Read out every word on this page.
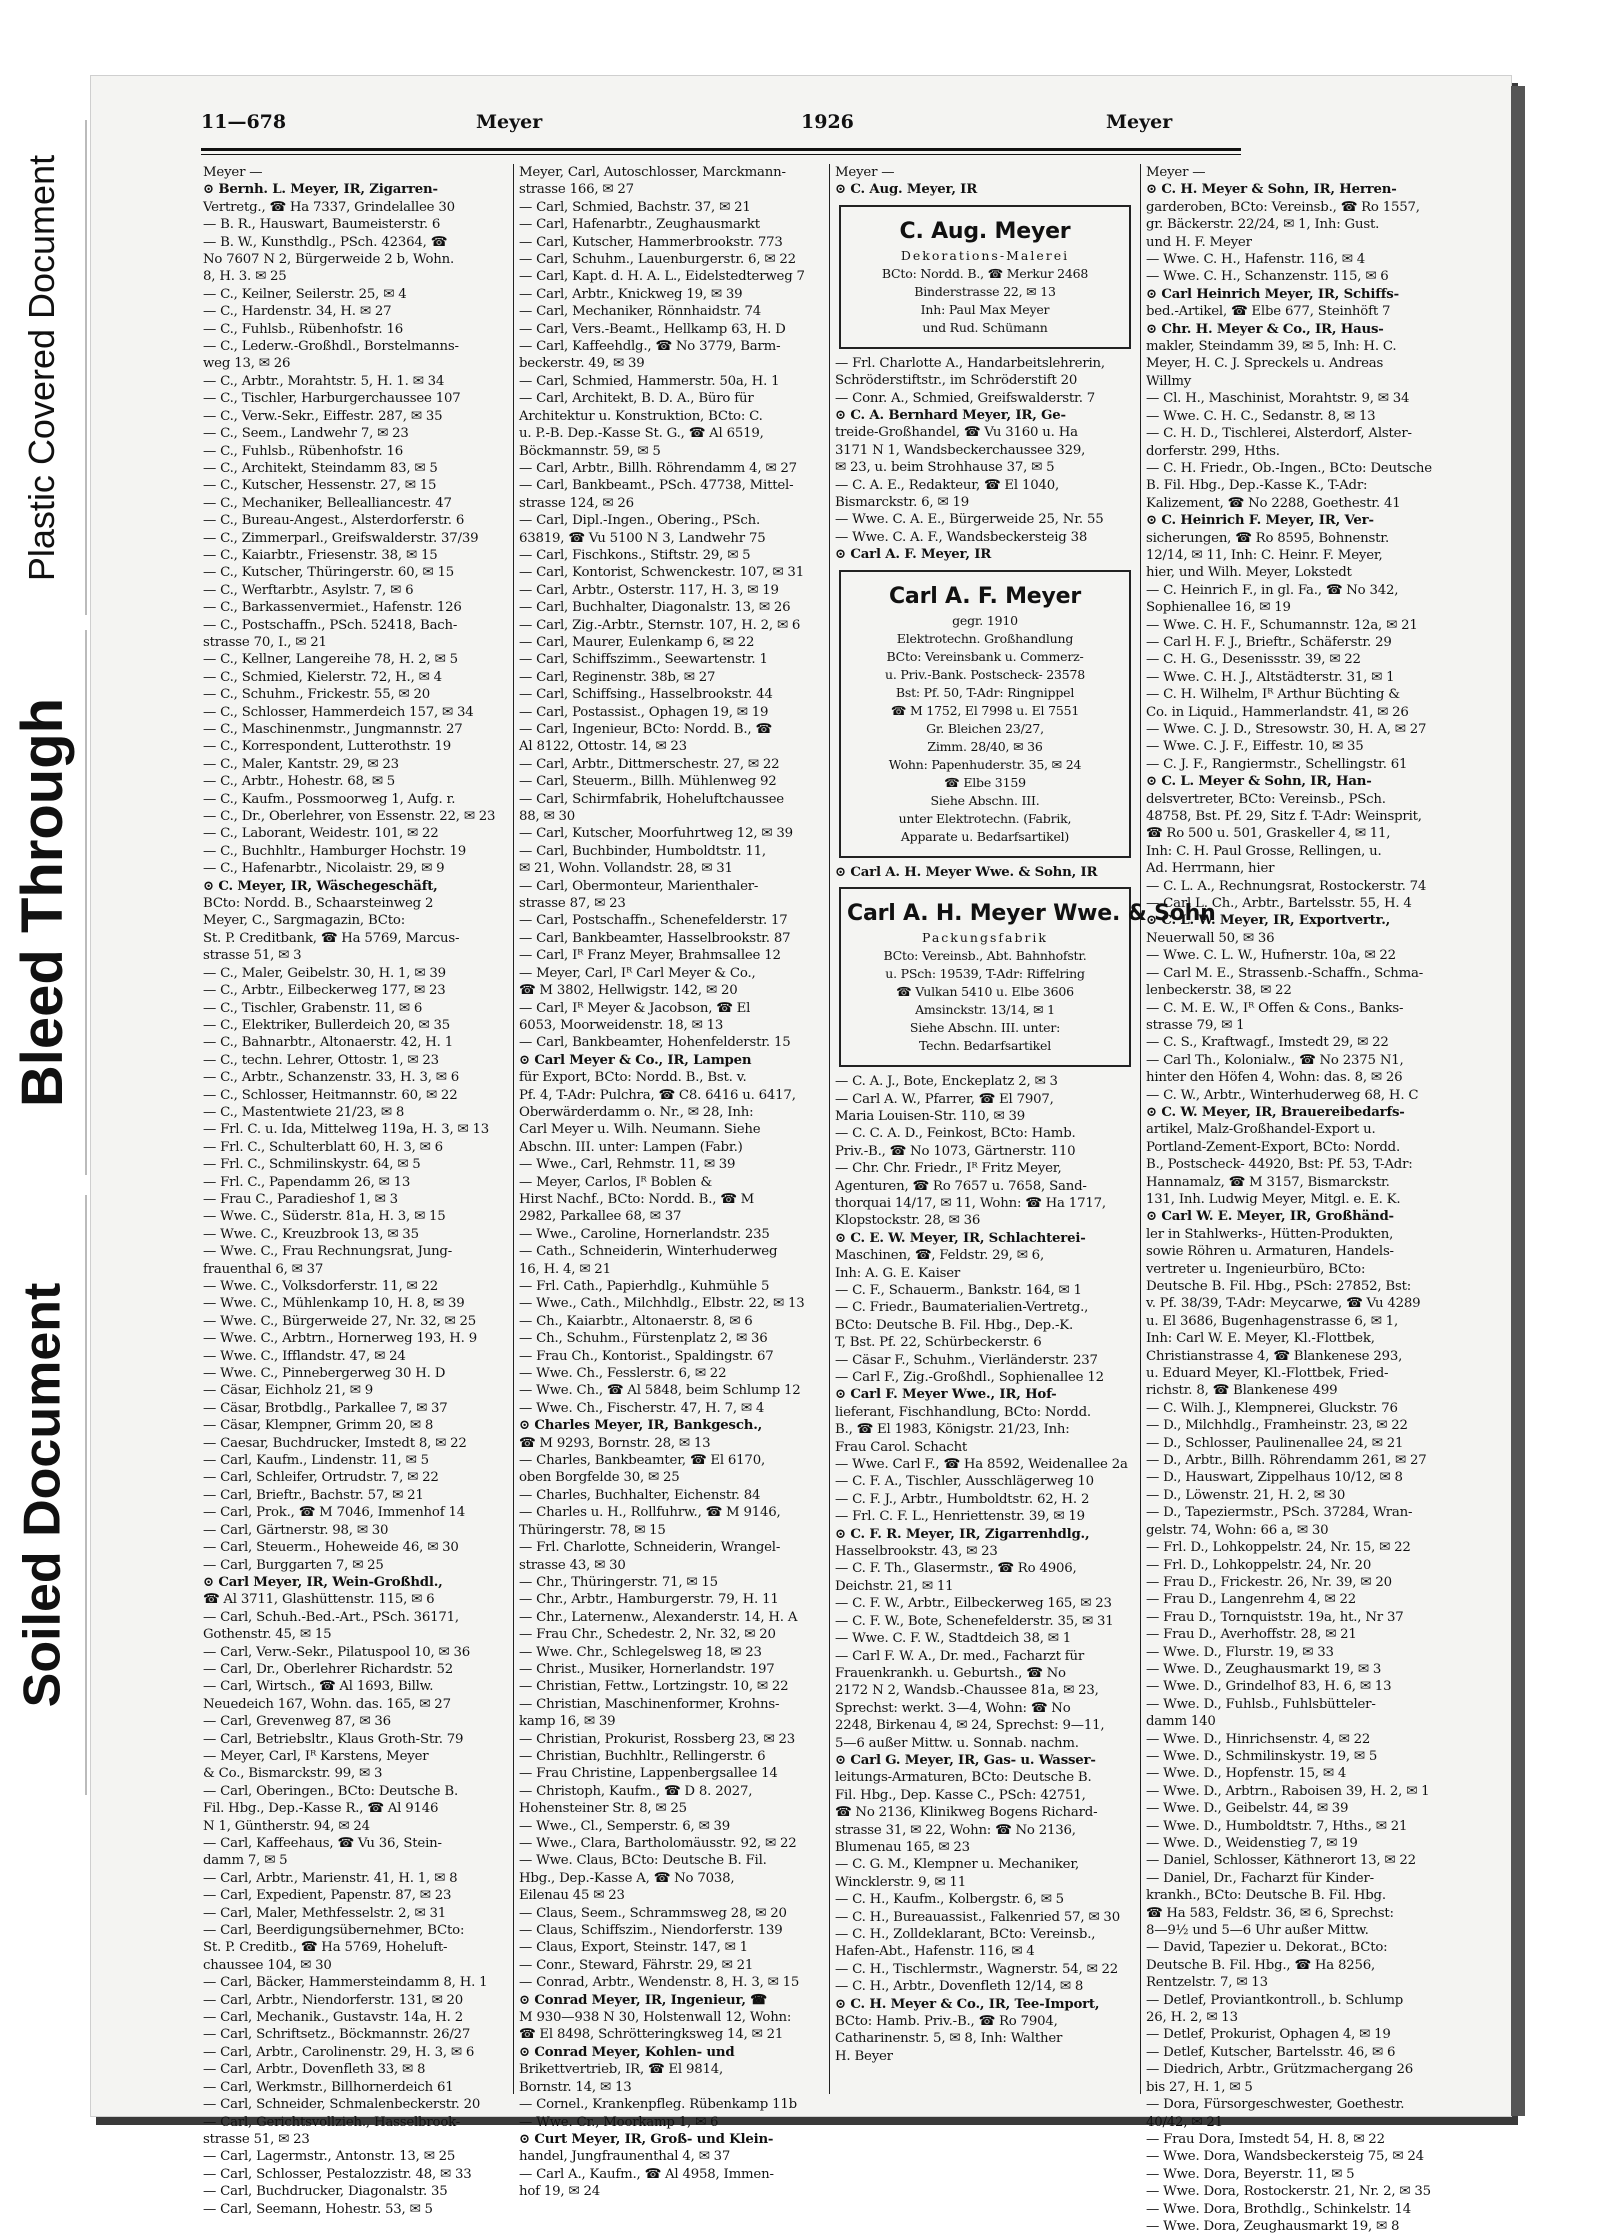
Plastic Covered Document
Bleed Through
Soiled Document
11—678	Meyer	1926	Meyer

Meyer —

⊙ Bernh. L. Meyer, IR, Zigarren-

Vertretg., ☎ Ha 7337, Grindelallee 30

— B. R., Hauswart, Baumeisterstr. 6

— B. W., Kunsthdlg., PSch. 42364, ☎

No 7607 N 2, Bürgerweide 2 b, Wohn.

8, H. 3. ✉ 25

— C., Keilner, Seilerstr. 25, ✉ 4

— C., Hardenstr. 34, H. ✉ 27

— C., Fuhlsb., Rübenhofstr. 16

— C., Lederw.-Großhdl., Borstelmanns-

weg 13, ✉ 26

— C., Arbtr., Morahtstr. 5, H. 1. ✉ 34

— C., Tischler, Harburgerchaussee 107

— C., Verw.-Sekr., Eiffestr. 287, ✉ 35

— C., Seem., Landwehr 7, ✉ 23

— C., Fuhlsb., Rübenhofstr. 16

— C., Architekt, Steindamm 83, ✉ 5

— C., Kutscher, Hessenstr. 27, ✉ 15

— C., Mechaniker, Bellealliancestr. 47

— C., Bureau-Angest., Alsterdorferstr. 6

— C., Zimmerparl., Greifswalderstr. 37/39

— C., Kaiarbtr., Friesenstr. 38, ✉ 15

— C., Kutscher, Thüringerstr. 60, ✉ 15

— C., Werftarbtr., Asylstr. 7, ✉ 6

— C., Barkassenvermiet., Hafenstr. 126

— C., Postschaffn., PSch. 52418, Bach-

strasse 70, I., ✉ 21

— C., Kellner, Langereihe 78, H. 2, ✉ 5

— C., Schmied, Kielerstr. 72, H., ✉ 4

— C., Schuhm., Frickestr. 55, ✉ 20

— C., Schlosser, Hammerdeich 157, ✉ 34

— C., Maschinenmstr., Jungmannstr. 27

— C., Korrespondent, Lutterothstr. 19

— C., Maler, Kantstr. 29, ✉ 23

— C., Arbtr., Hohestr. 68, ✉ 5

— C., Kaufm., Possmoorweg 1, Aufg. r.

— C., Dr., Oberlehrer, von Essenstr. 22, ✉ 23

— C., Laborant, Weidestr. 101, ✉ 22

— C., Buchhltr., Hamburger Hochstr. 19

— C., Hafenarbtr., Nicolaistr. 29, ✉ 9

⊙ C. Meyer, IR, Wäschegeschäft,

BCto: Nordd. B., Schaarsteinweg 2

Meyer, C., Sargmagazin, BCto:

St. P. Creditbank, ☎ Ha 5769, Marcus-

strasse 51, ✉ 3

— C., Maler, Geibelstr. 30, H. 1, ✉ 39

— C., Arbtr., Eilbeckerweg 177, ✉ 23

— C., Tischler, Grabenstr. 11, ✉ 6

— C., Elektriker, Bullerdeich 20, ✉ 35

— C., Bahnarbtr., Altonaerstr. 42, H. 1

— C., techn. Lehrer, Ottostr. 1, ✉ 23

— C., Arbtr., Schanzenstr. 33, H. 3, ✉ 6

— C., Schlosser, Heitmannstr. 60, ✉ 22

— C., Mastentwiete 21/23, ✉ 8

— Frl. C. u. Ida, Mittelweg 119a, H. 3, ✉ 13

— Frl. C., Schulterblatt 60, H. 3, ✉ 6

— Frl. C., Schmilinskystr. 64, ✉ 5

— Frl. C., Papendamm 26, ✉ 13

— Frau C., Paradieshof 1, ✉ 3

— Wwe. C., Süderstr. 81a, H. 3, ✉ 15

— Wwe. C., Kreuzbrook 13, ✉ 35

— Wwe. C., Frau Rechnungsrat, Jung-

frauenthal 6, ✉ 37

— Wwe. C., Volksdorferstr. 11, ✉ 22

— Wwe. C., Mühlenkamp 10, H. 8, ✉ 39

— Wwe. C., Bürgerweide 27, Nr. 32, ✉ 25

— Wwe. C., Arbtrn., Hornerweg 193, H. 9

— Wwe. C., Ifflandstr. 47, ✉ 24

— Wwe. C., Pinnebergerweg 30 H. D

— Cäsar, Eichholz 21, ✉ 9

— Cäsar, Brotbdlg., Parkallee 7, ✉ 37

— Cäsar, Klempner, Grimm 20, ✉ 8

— Caesar, Buchdrucker, Imstedt 8, ✉ 22

— Carl, Kaufm., Lindenstr. 11, ✉ 5

— Carl, Schleifer, Ortrudstr. 7, ✉ 22

— Carl, Brieftr., Bachstr. 57, ✉ 21

— Carl, Prok., ☎ M 7046, Immenhof 14

— Carl, Gärtnerstr. 98, ✉ 30

— Carl, Steuerm., Hoheweide 46, ✉ 30

— Carl, Burggarten 7, ✉ 25

⊙ Carl Meyer, IR, Wein-Großhdl.,

☎ Al 3711, Glashüttenstr. 115, ✉ 6

— Carl, Schuh.-Bed.-Art., PSch. 36171,

Gothenstr. 45, ✉ 15

— Carl, Verw.-Sekr., Pilatuspool 10, ✉ 36

— Carl, Dr., Oberlehrer Richardstr. 52

— Carl, Wirtsch., ☎ Al 1693, Billw.

Neuedeich 167, Wohn. das. 165, ✉ 27

— Carl, Grevenweg 87, ✉ 36

— Carl, Betriebsltr., Klaus Groth-Str. 79

— Meyer, Carl, Iᴿ Karstens, Meyer

& Co., Bismarckstr. 99, ✉ 3

— Carl, Oberingen., BCto: Deutsche B.

Fil. Hbg., Dep.-Kasse R., ☎ Al 9146

N 1, Güntherstr. 94, ✉ 24

— Carl, Kaffeehaus, ☎ Vu 36, Stein-

damm 7, ✉ 5

— Carl, Arbtr., Marienstr. 41, H. 1, ✉ 8

— Carl, Expedient, Papenstr. 87, ✉ 23

— Carl, Maler, Methfesselstr. 2, ✉ 31

— Carl, Beerdigungsübernehmer, BCto:

St. P. Creditb., ☎ Ha 5769, Hoheluft-

chaussee 104, ✉ 30

— Carl, Bäcker, Hammersteindamm 8, H. 1

— Carl, Arbtr., Niendorferstr. 131, ✉ 20

— Carl, Mechanik., Gustavstr. 14a, H. 2

— Carl, Schriftsetz., Böckmannstr. 26/27

— Carl, Arbtr., Carolinenstr. 29, H. 3, ✉ 6

— Carl, Arbtr., Dovenfleth 33, ✉ 8

— Carl, Werkmstr., Billhornerdeich 61

— Carl, Schneider, Schmalenbeckerstr. 20

— Carl, Gerichtsvollzieh., Hasselbrook-

strasse 51, ✉ 23

— Carl, Lagermstr., Antonstr. 13, ✉ 25

— Carl, Schlosser, Pestalozzistr. 48, ✉ 33

— Carl, Buchdrucker, Diagonalstr. 35

— Carl, Seemann, Hohestr. 53, ✉ 5

Meyer, Carl, Autoschlosser, Marckmann-

strasse 166, ✉ 27

— Carl, Schmied, Bachstr. 37, ✉ 21

— Carl, Hafenarbtr., Zeughausmarkt

— Carl, Kutscher, Hammerbrookstr. 773

— Carl, Schuhm., Lauenburgerstr. 6, ✉ 22

— Carl, Kapt. d. H. A. L., Eidelstedterweg 7

— Carl, Arbtr., Knickweg 19, ✉ 39

— Carl, Mechaniker, Rönnhaidstr. 74

— Carl, Vers.-Beamt., Hellkamp 63, H. D

— Carl, Kaffeehdlg., ☎ No 3779, Barm-

beckerstr. 49, ✉ 39

— Carl, Schmied, Hammerstr. 50a, H. 1

— Carl, Architekt, B. D. A., Büro für

Architektur u. Konstruktion, BCto: C.

u. P.-B. Dep.-Kasse St. G., ☎ Al 6519,

Böckmannstr. 59, ✉ 5

— Carl, Arbtr., Billh. Röhrendamm 4, ✉ 27

— Carl, Bankbeamt., PSch. 47738, Mittel-

strasse 124, ✉ 26

— Carl, Dipl.-Ingen., Obering., PSch.

63819, ☎ Vu 5100 N 3, Landwehr 75

— Carl, Fischkons., Stiftstr. 29, ✉ 5

— Carl, Kontorist, Schwenckestr. 107, ✉ 31

— Carl, Arbtr., Osterstr. 117, H. 3, ✉ 19

— Carl, Buchhalter, Diagonalstr. 13, ✉ 26

— Carl, Zig.-Arbtr., Sternstr. 107, H. 2, ✉ 6

— Carl, Maurer, Eulenkamp 6, ✉ 22

— Carl, Schiffszimm., Seewartenstr. 1

— Carl, Reginenstr. 38b, ✉ 27

— Carl, Schiffsing., Hasselbrookstr. 44

— Carl, Postassist., Ophagen 19, ✉ 19

— Carl, Ingenieur, BCto: Nordd. B., ☎

Al 8122, Ottostr. 14, ✉ 23

— Carl, Arbtr., Dittmerschestr. 27, ✉ 22

— Carl, Steuerm., Billh. Mühlenweg 92

— Carl, Schirmfabrik, Hoheluftchaussee

88, ✉ 30

— Carl, Kutscher, Moorfuhrtweg 12, ✉ 39

— Carl, Buchbinder, Humboldtstr. 11,

✉ 21, Wohn. Vollandstr. 28, ✉ 31

— Carl, Obermonteur, Marienthaler-

strasse 87, ✉ 23

— Carl, Postschaffn., Schenefelderstr. 17

— Carl, Bankbeamter, Hasselbrookstr. 87

— Carl, Iᴿ Franz Meyer, Brahmsallee 12

— Meyer, Carl, Iᴿ Carl Meyer & Co.,

☎ M 3802, Hellwigstr. 142, ✉ 20

— Carl, Iᴿ Meyer & Jacobson, ☎ El

6053, Moorweidenstr. 18, ✉ 13

— Carl, Bankbeamter, Hohenfelderstr. 15

⊙ Carl Meyer & Co., IR, Lampen

für Export, BCto: Nordd. B., Bst. v.

Pf. 4, T-Adr: Pulchra, ☎ C8. 6416 u. 6417,

Oberwärderdamm o. Nr., ✉ 28, Inh:

Carl Meyer u. Wilh. Neumann. Siehe

Abschn. III. unter: Lampen (Fabr.)

— Wwe., Carl, Rehmstr. 11, ✉ 39

— Meyer, Carlos, Iᴿ Boblen &

Hirst Nachf., BCto: Nordd. B., ☎ M

2982, Parkallee 68, ✉ 37

— Wwe., Caroline, Hornerlandstr. 235

— Cath., Schneiderin, Winterhuderweg

16, H. 4, ✉ 21

— Frl. Cath., Papierhdlg., Kuhmühle 5

— Wwe., Cath., Milchhdlg., Elbstr. 22, ✉ 13

— Ch., Kaiarbtr., Altonaerstr. 8, ✉ 6

— Ch., Schuhm., Fürstenplatz 2, ✉ 36

— Frau Ch., Kontorist., Spaldingstr. 67

— Wwe. Ch., Fesslerstr. 6, ✉ 22

— Wwe. Ch., ☎ Al 5848, beim Schlump 12

— Wwe. Ch., Fischerstr. 47, H. 7, ✉ 4

⊙ Charles Meyer, IR, Bankgesch.,

☎ M 9293, Bornstr. 28, ✉ 13

— Charles, Bankbeamter, ☎ El 6170,

oben Borgfelde 30, ✉ 25

— Charles, Buchhalter, Eichenstr. 84

— Charles u. H., Rollfuhrw., ☎ M 9146,

Thüringerstr. 78, ✉ 15

— Frl. Charlotte, Schneiderin, Wrangel-

strasse 43, ✉ 30

— Chr., Thüringerstr. 71, ✉ 15

— Chr., Arbtr., Hamburgerstr. 79, H. 11

— Chr., Laternenw., Alexanderstr. 14, H. A

— Frau Chr., Schedestr. 2, Nr. 32, ✉ 20

— Wwe. Chr., Schlegelsweg 18, ✉ 23

— Christ., Musiker, Hornerlandstr. 197

— Christian, Fettw., Lortzingstr. 10, ✉ 22

— Christian, Maschinenformer, Krohns-

kamp 16, ✉ 39

— Christian, Prokurist, Rossberg 23, ✉ 23

— Christian, Buchhltr., Rellingerstr. 6

— Frau Christine, Lappenbergsallee 14

— Christoph, Kaufm., ☎ D 8. 2027,

Hohensteiner Str. 8, ✉ 25

— Wwe., Cl., Semperstr. 6, ✉ 39

— Wwe., Clara, Bartholomäusstr. 92, ✉ 22

— Wwe. Claus, BCto: Deutsche B. Fil.

Hbg., Dep.-Kasse A, ☎ No 7038,

Eilenau 45 ✉ 23

— Claus, Seem., Schrammsweg 28, ✉ 20

— Claus, Schiffszim., Niendorferstr. 139

— Claus, Export, Steinstr. 147, ✉ 1

— Conr., Steward, Fährstr. 29, ✉ 21

— Conrad, Arbtr., Wendenstr. 8, H. 3, ✉ 15

⊙ Conrad Meyer, IR, Ingenieur, ☎

M 930—938 N 30, Holstenwall 12, Wohn:

☎ El 8498, Schrötteringksweg 14, ✉ 21

⊙ Conrad Meyer, Kohlen- und

Brikettvertrieb, IR, ☎ El 9814,

Bornstr. 14, ✉ 13

— Cornel., Krankenpfleg. Rübenkamp 11b

— Wwe. Cr., Moorkamp 1, ✉ 6

⊙ Curt Meyer, IR, Groß- und Klein-

handel, Jungfraunenthal 4, ✉ 37

— Carl A., Kaufm., ☎ Al 4958, Immen-

hof 19, ✉ 24

Meyer —

⊙ C. Aug. Meyer, IR

C. Aug. Meyer
Dekorations-Malerei
BCto: Nordd. B., ☎ Merkur 2468
Binderstrasse 22, ✉ 13
Inh: Paul Max Meyer
und Rud. Schümann

— Frl. Charlotte A., Handarbeitslehrerin,

Schröderstiftstr., im Schröderstift 20

— Conr. A., Schmied, Greifswalderstr. 7

⊙ C. A. Bernhard Meyer, IR, Ge-

treide-Großhandel, ☎ Vu 3160 u. Ha

3171 N 1, Wandsbeckerchaussee 329,

✉ 23, u. beim Strohhause 37, ✉ 5

— C. A. E., Redakteur, ☎ El 1040,

Bismarckstr. 6, ✉ 19

— Wwe. C. A. E., Bürgerweide 25, Nr. 55

— Wwe. C. A. F., Wandsbeckersteig 38

⊙ Carl A. F. Meyer, IR

Carl A. F. Meyer
gegr. 1910
Elektrotechn. Großhandlung
BCto: Vereinsbank u. Commerz-
u. Priv.-Bank. Postscheck- 23578
Bst: Pf. 50, T-Adr: Ringnippel
☎ M 1752, El 7998 u. El 7551
Gr. Bleichen 23/27,
Zimm. 28/40, ✉ 36
Wohn: Papenhuderstr. 35, ✉ 24
☎ Elbe 3159
Siehe Abschn. III.
unter Elektrotechn. (Fabrik,
Apparate u. Bedarfsartikel)

⊙ Carl A. H. Meyer Wwe. & Sohn, IR

Carl A. H. Meyer Wwe. & Sohn
Packungsfabrik
BCto: Vereinsb., Abt. Bahnhofstr.
u. PSch: 19539, T-Adr: Riffelring
☎ Vulkan 5410 u. Elbe 3606
Amsinckstr. 13/14, ✉ 1
Siehe Abschn. III. unter:
Techn. Bedarfsartikel

— C. A. J., Bote, Enckeplatz 2, ✉ 3

— Carl A. W., Pfarrer, ☎ El 7907,

Maria Louisen-Str. 110, ✉ 39

— C. C. A. D., Feinkost, BCto: Hamb.

Priv.-B., ☎ No 1073, Gärtnerstr. 110

— Chr. Chr. Friedr., Iᴿ Fritz Meyer,

Agenturen, ☎ Ro 7657 u. 7658, Sand-

thorquai 14/17, ✉ 11, Wohn: ☎ Ha 1717,

Klopstockstr. 28, ✉ 36

⊙ C. E. W. Meyer, IR, Schlachterei-

Maschinen, ☎, Feldstr. 29, ✉ 6,

Inh: A. G. E. Kaiser

— C. F., Schauerm., Bankstr. 164, ✉ 1

— C. Friedr., Baumaterialien-Vertretg.,

BCto: Deutsche B. Fil. Hbg., Dep.-K.

T, Bst. Pf. 22, Schürbeckerstr. 6

— Cäsar F., Schuhm., Vierländerstr. 237

— Carl F., Zig.-Großhdl., Sophienallee 12

⊙ Carl F. Meyer Wwe., IR, Hof-

lieferant, Fischhandlung, BCto: Nordd.

B., ☎ El 1983, Königstr. 21/23, Inh:

Frau Carol. Schacht

— Wwe. Carl F., ☎ Ha 8592, Weidenallee 2a

— C. F. A., Tischler, Ausschlägerweg 10

— C. F. J., Arbtr., Humboldtstr. 62, H. 2

— Frl. C. F. L., Henriettenstr. 39, ✉ 19

⊙ C. F. R. Meyer, IR, Zigarrenhdlg.,

Hasselbrookstr. 43, ✉ 23

— C. F. Th., Glasermstr., ☎ Ro 4906,

Deichstr. 21, ✉ 11

— C. F. W., Arbtr., Eilbeckerweg 165, ✉ 23

— C. F. W., Bote, Schenefelderstr. 35, ✉ 31

— Wwe. C. F. W., Stadtdeich 38, ✉ 1

— Carl F. W. A., Dr. med., Facharzt für

Frauenkrankh. u. Geburtsh., ☎ No

2172 N 2, Wandsb.-Chaussee 81a, ✉ 23,

Sprechst: werkt. 3—4, Wohn: ☎ No

2248, Birkenau 4, ✉ 24, Sprechst: 9—11,

5—6 außer Mittw. u. Sonnab. nachm.

⊙ Carl G. Meyer, IR, Gas- u. Wasser-

leitungs-Armaturen, BCto: Deutsche B.

Fil. Hbg., Dep. Kasse C., PSch: 42751,

☎ No 2136, Klinikweg Bogens Richard-

strasse 31, ✉ 22, Wohn: ☎ No 2136,

Blumenau 165, ✉ 23

— C. G. M., Klempner u. Mechaniker,

Wincklerstr. 9, ✉ 11

— C. H., Kaufm., Kolbergstr. 6, ✉ 5

— C. H., Bureauassist., Falkenried 57, ✉ 30

— C. H., Zolldeklarant, BCto: Vereinsb.,

Hafen-Abt., Hafenstr. 116, ✉ 4

— C. H., Tischlermstr., Wagnerstr. 54, ✉ 22

— C. H., Arbtr., Dovenfleth 12/14, ✉ 8

⊙ C. H. Meyer & Co., IR, Tee-Import,

BCto: Hamb. Priv.-B., ☎ Ro 7904,

Catharinenstr. 5, ✉ 8, Inh: Walther

H. Beyer

Meyer —

⊙ C. H. Meyer & Sohn, IR, Herren-

garderoben, BCto: Vereinsb., ☎ Ro 1557,

gr. Bäckerstr. 22/24, ✉ 1, Inh: Gust.

und H. F. Meyer

— Wwe. C. H., Hafenstr. 116, ✉ 4

— Wwe. C. H., Schanzenstr. 115, ✉ 6

⊙ Carl Heinrich Meyer, IR, Schiffs-

bed.-Artikel, ☎ Elbe 677, Steinhöft 7

⊙ Chr. H. Meyer & Co., IR, Haus-

makler, Steindamm 39, ✉ 5, Inh: H. C.

Meyer, H. C. J. Spreckels u. Andreas

Willmy

— Cl. H., Maschinist, Morahtstr. 9, ✉ 34

— Wwe. C. H. C., Sedanstr. 8, ✉ 13

— C. H. D., Tischlerei, Alsterdorf, Alster-

dorferstr. 299, Hths.

— C. H. Friedr., Ob.-Ingen., BCto: Deutsche

B. Fil. Hbg., Dep.-Kasse K., T-Adr:

Kalizement, ☎ No 2288, Goethestr. 41

⊙ C. Heinrich F. Meyer, IR, Ver-

sicherungen, ☎ Ro 8595, Bohnenstr.

12/14, ✉ 11, Inh: C. Heinr. F. Meyer,

hier, und Wilh. Meyer, Lokstedt

— C. Heinrich F., in gl. Fa., ☎ No 342,

Sophienallee 16, ✉ 19

— Wwe. C. H. F., Schumannstr. 12a, ✉ 21

— Carl H. F. J., Brieftr., Schäferstr. 29

— C. H. G., Desenissstr. 39, ✉ 22

— Wwe. C. H. J., Altstädterstr. 31, ✉ 1

— C. H. Wilhelm, Iᴿ Arthur Büchting &

Co. in Liquid., Hammerlandstr. 41, ✉ 26

— Wwe. C. J. D., Stresowstr. 30, H. A, ✉ 27

— Wwe. C. J. F., Eiffestr. 10, ✉ 35

— C. J. F., Rangiermstr., Schellingstr. 61

⊙ C. L. Meyer & Sohn, IR, Han-

delsvertreter, BCto: Vereinsb., PSch.

48758, Bst. Pf. 29, Sitz f. T-Adr: Weinsprit,

☎ Ro 500 u. 501, Graskeller 4, ✉ 11,

Inh: C. H. Paul Grosse, Rellingen, u.

Ad. Herrmann, hier

— C. L. A., Rechnungsrat, Rostockerstr. 74

— Carl L. Ch., Arbtr., Bartelsstr. 55, H. 4

⊙ C. L. W. Meyer, IR, Exportvertr.,

Neuerwall 50, ✉ 36

— Wwe. C. L. W., Hufnerstr. 10a, ✉ 22

— Carl M. E., Strassenb.-Schaffn., Schma-

lenbeckerstr. 38, ✉ 22

— C. M. E. W., Iᴿ Offen & Cons., Banks-

strasse 79, ✉ 1

— C. S., Kraftwagf., Imstedt 29, ✉ 22

— Carl Th., Kolonialw., ☎ No 2375 N1,

hinter den Höfen 4, Wohn: das. 8, ✉ 26

— C. W., Arbtr., Winterhuderweg 68, H. C

⊙ C. W. Meyer, IR, Brauereibedarfs-

artikel, Malz-Großhandel-Export u.

Portland-Zement-Export, BCto: Nordd.

B., Postscheck- 44920, Bst: Pf. 53, T-Adr:

Hannamalz, ☎ M 3157, Bismarckstr.

131, Inh. Ludwig Meyer, Mitgl. e. E. K.

⊙ Carl W. E. Meyer, IR, Großhänd-

ler in Stahlwerks-, Hütten-Produkten,

sowie Röhren u. Armaturen, Handels-

vertreter u. Ingenieurbüro, BCto:

Deutsche B. Fil. Hbg., PSch: 27852, Bst:

v. Pf. 38/39, T-Adr: Meycarwe, ☎ Vu 4289

u. El 3686, Bugenhagenstrasse 6, ✉ 1,

Inh: Carl W. E. Meyer, Kl.-Flottbek,

Christianstrasse 4, ☎ Blankenese 293,

u. Eduard Meyer, Kl.-Flottbek, Fried-

richstr. 8, ☎ Blankenese 499

— C. Wilh. J., Klempnerei, Gluckstr. 76

— D., Milchhdlg., Framheinstr. 23, ✉ 22

— D., Schlosser, Paulinenallee 24, ✉ 21

— D., Arbtr., Billh. Röhrendamm 261, ✉ 27

— D., Hauswart, Zippelhaus 10/12, ✉ 8

— D., Löwenstr. 21, H. 2, ✉ 30

— D., Tapeziermstr., PSch. 37284, Wran-

gelstr. 74, Wohn: 66 a, ✉ 30

— Frl. D., Lohkoppelstr. 24, Nr. 15, ✉ 22

— Frl. D., Lohkoppelstr. 24, Nr. 20

— Frau D., Frickestr. 26, Nr. 39, ✉ 20

— Frau D., Langenrehm 4, ✉ 22

— Frau D., Tornquiststr. 19a, ht., Nr 37

— Frau D., Averhoffstr. 28, ✉ 21

— Wwe. D., Flurstr. 19, ✉ 33

— Wwe. D., Zeughausmarkt 19, ✉ 3

— Wwe. D., Grindelhof 83, H. 6, ✉ 13

— Wwe. D., Fuhlsb., Fuhlsbütteler-

damm 140

— Wwe. D., Hinrichsenstr. 4, ✉ 22

— Wwe. D., Schmilinskystr. 19, ✉ 5

— Wwe. D., Hopfenstr. 15, ✉ 4

— Wwe. D., Arbtrn., Raboisen 39, H. 2, ✉ 1

— Wwe. D., Geibelstr. 44, ✉ 39

— Wwe. D., Humboldtstr. 7, Hths., ✉ 21

— Wwe. D., Weidenstieg 7, ✉ 19

— Daniel, Schlosser, Käthnerort 13, ✉ 22

— Daniel, Dr., Facharzt für Kinder-

krankh., BCto: Deutsche B. Fil. Hbg.

☎ Ha 583, Feldstr. 36, ✉ 6, Sprechst:

8—9½ und 5—6 Uhr außer Mittw.

— David, Tapezier u. Dekorat., BCto:

Deutsche B. Fil. Hbg., ☎ Ha 8256,

Rentzelstr. 7, ✉ 13

— Detlef, Proviantkontroll., b. Schlump

26, H. 2, ✉ 13

— Detlef, Prokurist, Ophagen 4, ✉ 19

— Detlef, Kutscher, Bartelsstr. 46, ✉ 6

— Diedrich, Arbtr., Grützmachergang 26

bis 27, H. 1, ✉ 5

— Dora, Fürsorgeschwester, Goethestr.

40/42, ✉ 21

— Frau Dora, Imstedt 54, H. 8, ✉ 22

— Wwe. Dora, Wandsbeckersteig 75, ✉ 24

— Wwe. Dora, Beyerstr. 11, ✉ 5

— Wwe. Dora, Rostockerstr. 21, Nr. 2, ✉ 35

— Wwe. Dora, Brothdlg., Schinkelstr. 14

— Wwe. Dora, Zeughausmarkt 19, ✉ 8
